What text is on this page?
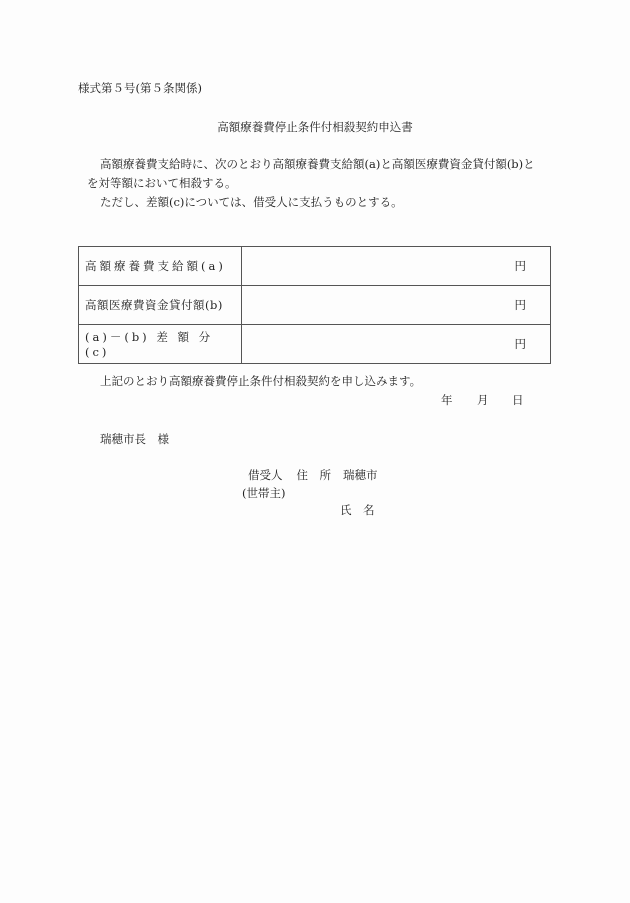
様式第５号(第５条関係)
高額療養費停止条件付相殺契約申込書
高額療養費支給時に、次のとおり高額療養費支給額(a)と高額医療費資金貸付額(b)と
を対等額において相殺する。
ただし、差額(c)については、借受人に支払うものとする。
高額療養費支給額(a)	円
高額医療費資金貸付額(b)	円
(a)－(b) 差 額 分 (c)	円
上記のとおり高額療養費停止条件付相殺契約を申し込みます。
年 月 日
瑞穂市長　様
借受人 住　所 瑞穂市
(世帯主)
氏　名
